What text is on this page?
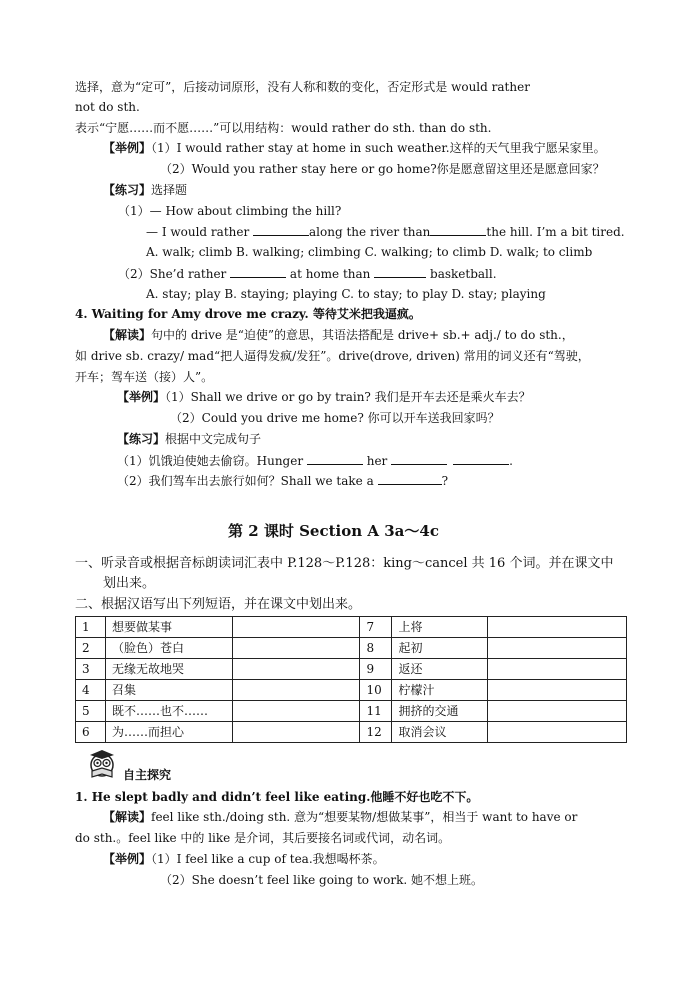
选择，意为“定可”，后接动词原形，没有人称和数的变化，否定形式是 would rather
not do sth.
表示“宁愿……而不愿……”可以用结构：would rather do sth. than do sth.
【举例】（1）I would rather stay at home in such weather.这样的天气里我宁愿呆家里。
（2）Would you rather stay here or go home?你是愿意留这里还是愿意回家？
【练习】选择题
（1）— How about climbing the hill?
— I would rather	along the river than	the hill. I’m a bit tired.
A. walk; climb B. walking; climbing C. walking; to climb D. walk; to climb
（2）She’d rather	at home than	basketball.
A. stay; play B. staying; playing C. to stay; to play D. stay; playing
4. Waiting for Amy drove me crazy. 等待艾米把我逼疯。
【解读】句中的 drive 是“迫使”的意思，其语法搭配是 drive+ sb.+ adj./ to do sth.，
如 drive sb. crazy/ mad“把人逼得发疯/发狂”。drive(drove, driven) 常用的词义还有“驾驶，
开车；驾车送（接）人”。
【举例】（1）Shall we drive or go by train? 我们是开车去还是乘火车去？
（2）Could you drive me home? 你可以开车送我回家吗？
【练习】根据中文完成句子
（1）饥饿迫使她去偷窃。Hunger	her	.
（2）我们驾车出去旅行如何？Shall we take a	?
第 2 课时 Section A 3a～4c
一、听录音或根据音标朗读词汇表中 P.128～P.128：king～cancel 共 16 个词。并在课文中
划出来。
二、根据汉语写出下列短语，并在课文中划出来。
1	想要做某事		7	上将	
2	（脸色）苍白		8	起初	
3	无缘无故地哭		9	返还	
4	召集		10	柠檬汁	
5	既不……也不……		11	拥挤的交通	
6	为……而担心		12	取消会议	
自主探究
1. He slept badly and didn’t feel like eating.他睡不好也吃不下。
【解读】feel like sth./doing sth. 意为“想要某物/想做某事”，相当于 want to have or
do sth.。feel like 中的 like 是介词，其后要接名词或代词，动名词。
【举例】（1）I feel like a cup of tea.我想喝杯茶。
（2）She doesn’t feel like going to work. 她不想上班。
